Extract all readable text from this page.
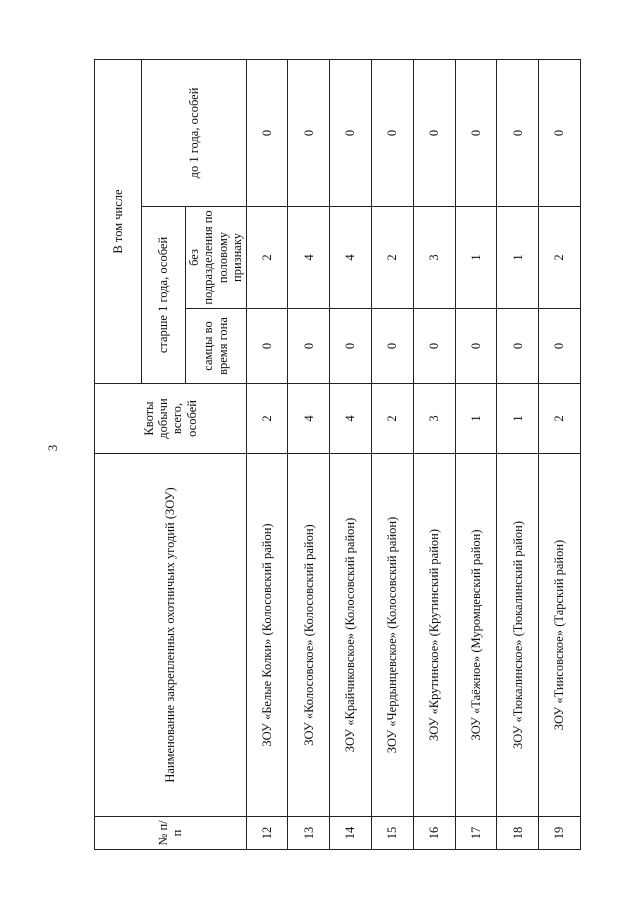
3
№ п/п	Наименование закрепленных охотничьих угодий (ЗОУ)	Квоты добычи всего, особей	В том числе		
			старше 1 года, особей		до 1 года, особей
			самцы во время гона	без подразделения по половому признаку	
12	ЗОУ «Белые Колки» (Колосовский район)	2	0	2	0
13	ЗОУ «Колосовское» (Колосовский район)	4	0	4	0
14	ЗОУ «Крайчиковское» (Колосовский район)	4	0	4	0
15	ЗОУ «Чердынцевское» (Колосовский район)	2	0	2	0
16	ЗОУ «Крутинское» (Крутинский район)	3	0	3	0
17	ЗОУ «Таёжное» (Муромцевский район)	1	0	1	0
18	ЗОУ «Тюкалинское» (Тюкалинский район)	1	0	1	0
19	ЗОУ «Тиисовское» (Тарский район)	2	0	2	0
